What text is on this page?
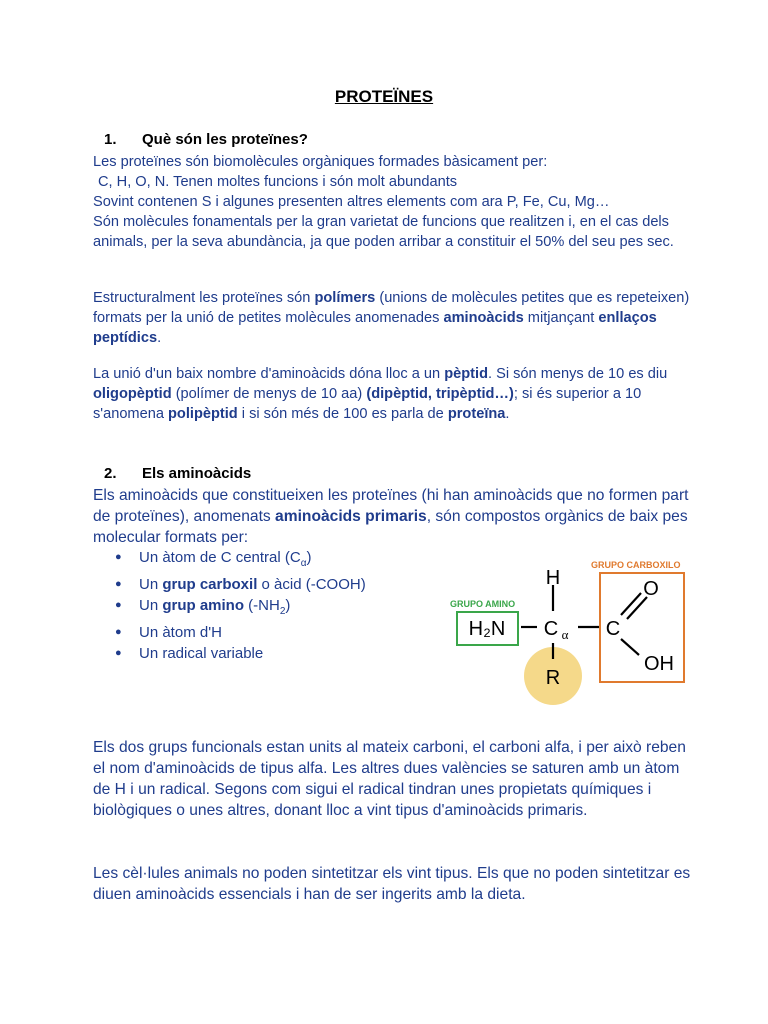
PROTEÏNES
1. Què són les proteïnes?
Les proteïnes són biomolècules orgàniques formades bàsicament per:
C, H, O, N. Tenen moltes funcions i són molt abundants
Sovint contenen S i algunes presenten altres elements com ara P, Fe, Cu, Mg…
Són molècules fonamentals per la gran varietat de funcions que realitzen i, en el cas dels animals, per la seva abundància, ja que poden arribar a constituir el 50% del seu pes sec.
Estructuralment les proteïnes són polímers (unions de molècules petites que es repeteixen) formats per la unió de petites molècules anomenades aminoàcids mitjançant enllaços peptídics.
La unió d'un baix nombre d'aminoàcids dóna lloc a un pèptid. Si són menys de 10 es diu oligopèptid (polímer de menys de 10 aa) (dipèptid, tripèptid…); si és superior a 10 s'anomena polipèptid i si són més de 100 es parla de proteïna.
2. Els aminoàcids
Els aminoàcids que constitueixen les proteïnes (hi han aminoàcids que no formen part de proteïnes), anomenats aminoàcids primaris, són compostos orgànics de baix pes molecular formats per:
● Un àtom de C central $(C_\alpha)$
● Un grup carboxil o àcid (-COOH)
● Un grup amino $(-NH_2)$
● Un àtom d'H
● Un radical variable
GRUPO AMINO
GRUPO CARBOXILO
H
H₂N C α C
O
OH
R
Els dos grups funcionals estan units al mateix carboni, el carboni alfa, i per això reben el nom d'aminoàcids de tipus alfa. Les altres dues valències se saturen amb un àtom de H i un radical. Segons com sigui el radical tindran unes propietats químiques i biològiques o unes altres, donant lloc a vint tipus d'aminoàcids primaris.
Les cèl·lules animals no poden sintetitzar els vint tipus. Els que no poden sintetitzar es diuen aminoàcids essencials i han de ser ingerits amb la dieta.
